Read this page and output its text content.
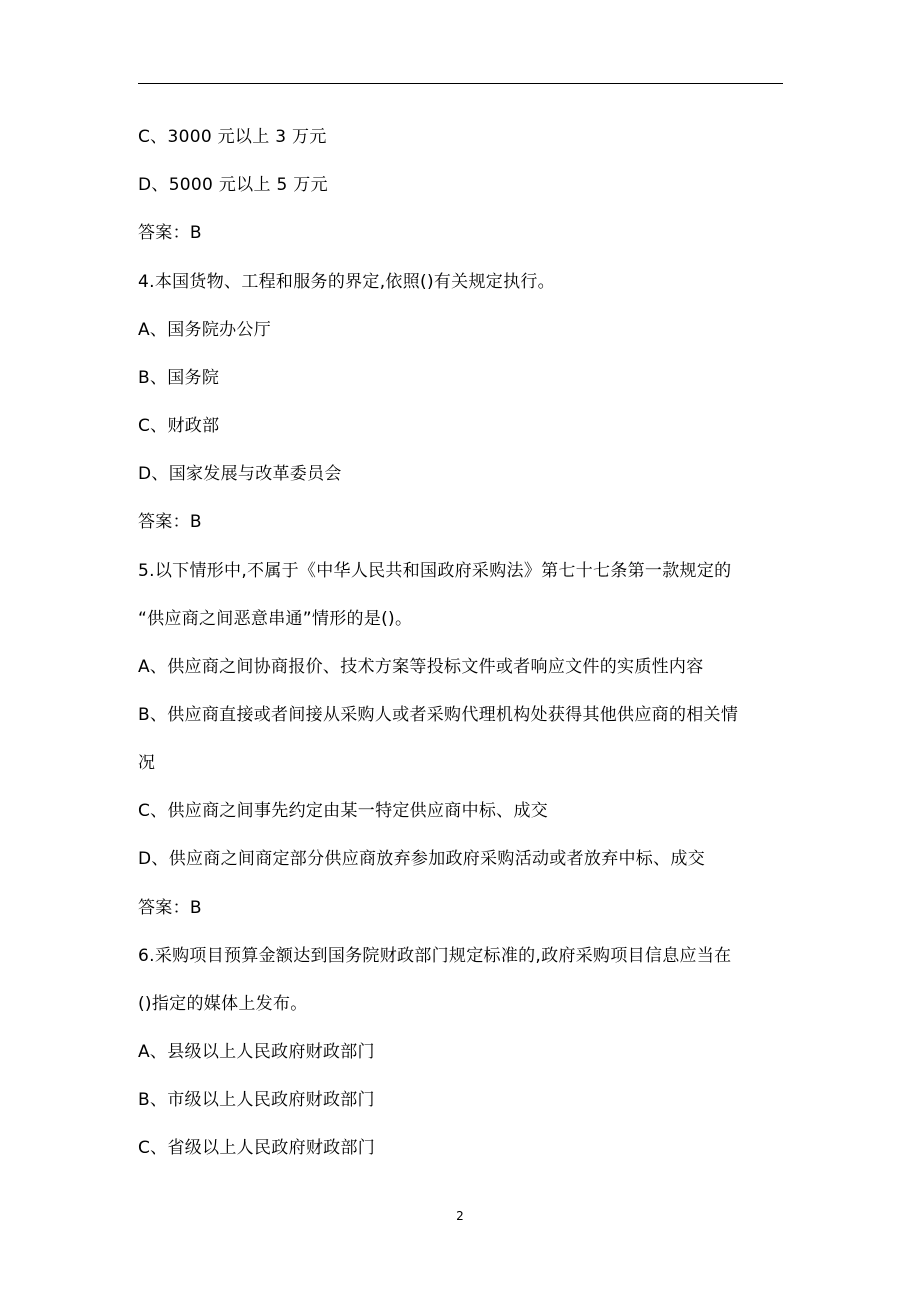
C、3000 元以上 3 万元
D、5000 元以上 5 万元
答案：B
4.本国货物、工程和服务的界定,依照()有关规定执行。
A、国务院办公厅
B、国务院
C、财政部
D、国家发展与改革委员会
答案：B
5.以下情形中,不属于《中华人民共和国政府采购法》第七十七条第一款规定的
“供应商之间恶意串通”情形的是()。
A、供应商之间协商报价、技术方案等投标文件或者响应文件的实质性内容
B、供应商直接或者间接从采购人或者采购代理机构处获得其他供应商的相关情
况
C、供应商之间事先约定由某一特定供应商中标、成交
D、供应商之间商定部分供应商放弃参加政府采购活动或者放弃中标、成交
答案：B
6.采购项目预算金额达到国务院财政部门规定标准的,政府采购项目信息应当在
()指定的媒体上发布。
A、县级以上人民政府财政部门
B、市级以上人民政府财政部门
C、省级以上人民政府财政部门
2
